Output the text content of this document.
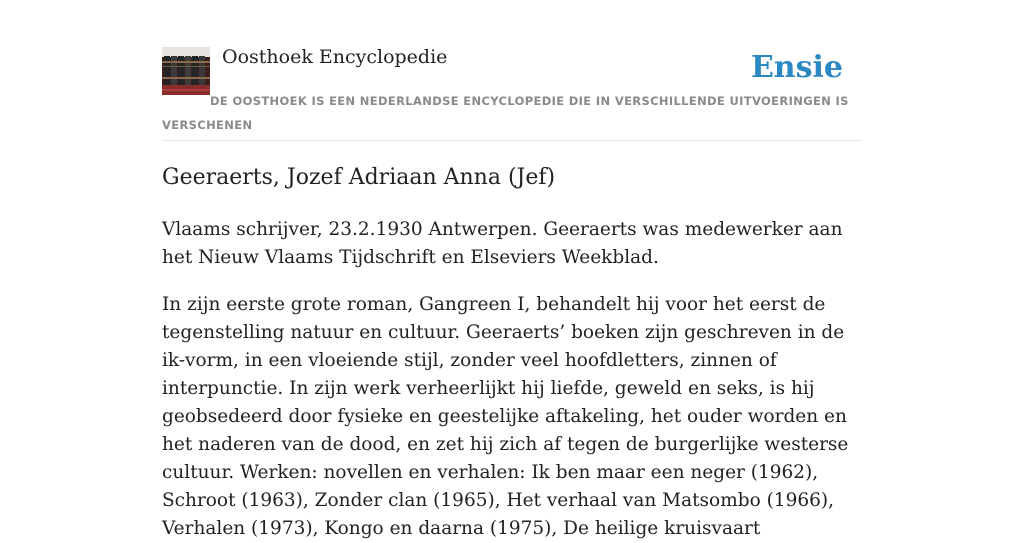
Oosthoek Encyclopedie	Ensie

DE OOSTHOEK IS EEN NEDERLANDSE ENCYCLOPEDIE DIE IN VERSCHILLENDE UITVOERINGEN IS VERSCHENEN

Geeraerts, Jozef Adriaan Anna (Jef)

Vlaams schrijver, 23.2.1930 Antwerpen. Geeraerts was medewerker aan het Nieuw Vlaams Tijdschrift en Elseviers Weekblad.

In zijn eerste grote roman, Gangreen I, behandelt hij voor het eerst de tegenstelling natuur en cultuur. Geeraerts’ boeken zijn geschreven in de ik-vorm, in een vloeiende stijl, zonder veel hoofdletters, zinnen of interpunctie. In zijn werk verheerlijkt hij liefde, geweld en seks, is hij geobsedeerd door fysieke en geestelijke aftakeling, het ouder worden en het naderen van de dood, en zet hij zich af tegen de burgerlijke westerse cultuur. Werken: novellen en verhalen: Ik ben maar een neger (1962), Schroot (1963), Zonder clan (1965), Het verhaal van Matsombo (1966), Verhalen (1973), Kongo en daarna (1975), De heilige kruisvaart
